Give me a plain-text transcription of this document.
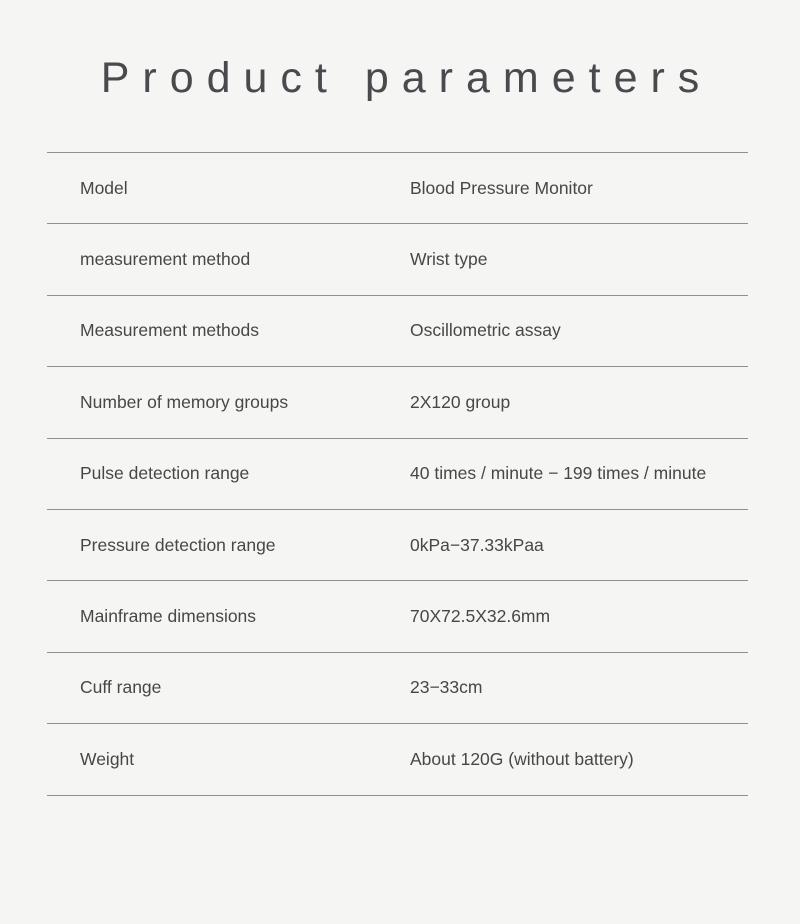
Product parameters
Model	Blood Pressure Monitor
measurement method	Wrist type
Measurement methods	Oscillometric assay
Number of memory groups	2X120 group
Pulse detection range	40 times / minute − 199 times / minute
Pressure detection range	0kPa−37.33kPaa
Mainframe dimensions	70X72.5X32.6mm
Cuff range	23−33cm
Weight	About 120G (without battery)
